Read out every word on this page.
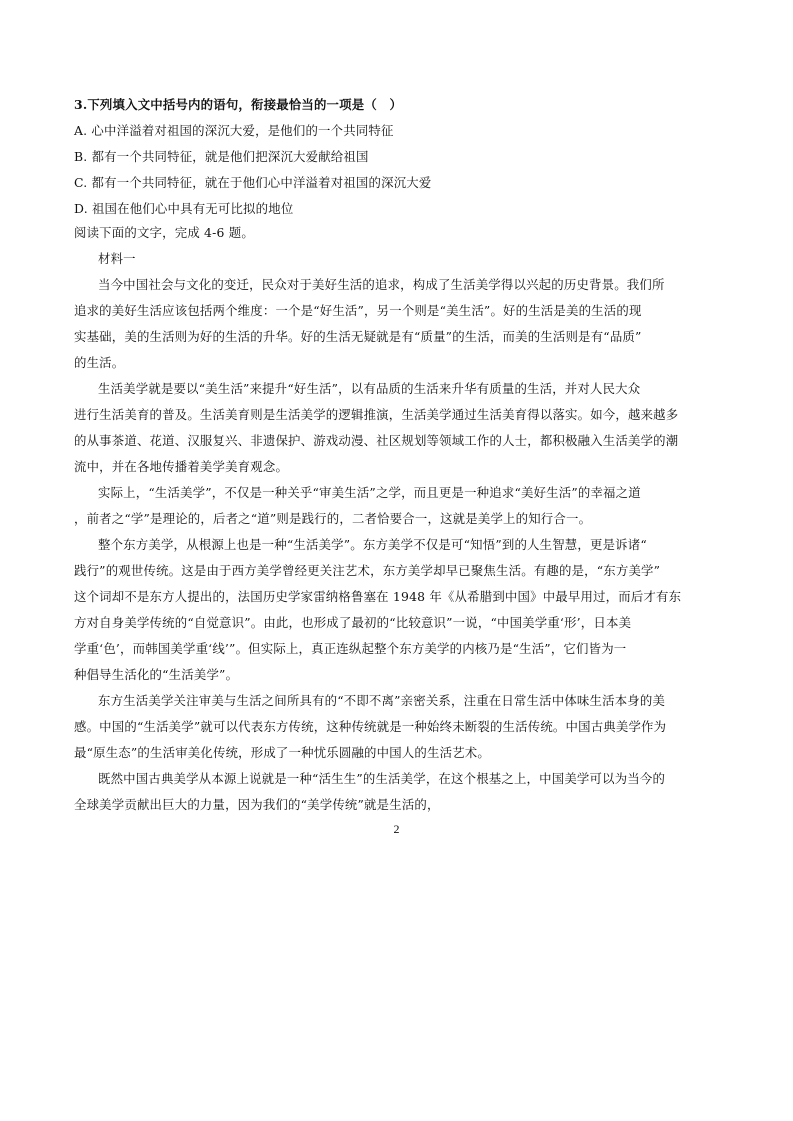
3.下列填入文中括号内的语句，衔接最恰当的一项是（　）
A. 心中洋溢着对祖国的深沉大爱，是他们的一个共同特征
B. 都有一个共同特征，就是他们把深沉大爱献给祖国
C. 都有一个共同特征，就在于他们心中洋溢着对祖国的深沉大爱
D. 祖国在他们心中具有无可比拟的地位
阅读下面的文字，完成 4-6 题。
材料一
当今中国社会与文化的变迁，民众对于美好生活的追求，构成了生活美学得以兴起的历史背景。我们所
追求的美好生活应该包括两个维度：一个是“好生活”，另一个则是“美生活”。好的生活是美的生活的现
实基础，美的生活则为好的生活的升华。好的生活无疑就是有“质量”的生活，而美的生活则是有“品质”
的生活。
生活美学就是要以“美生活”来提升“好生活”，以有品质的生活来升华有质量的生活，并对人民大众
进行生活美育的普及。生活美育则是生活美学的逻辑推演，生活美学通过生活美育得以落实。如今，越来越多
的从事茶道、花道、汉服复兴、非遗保护、游戏动漫、社区规划等领域工作的人士，都积极融入生活美学的潮
流中，并在各地传播着美学美育观念。
实际上，“生活美学”，不仅是一种关乎“审美生活”之学，而且更是一种追求“美好生活”的幸福之道
，前者之“学”是理论的，后者之“道”则是践行的，二者恰要合一，这就是美学上的知行合一。
整个东方美学，从根源上也是一种“生活美学”。东方美学不仅是可“知悟”到的人生智慧，更是诉诸“
践行”的观世传统。这是由于西方美学曾经更关注艺术，东方美学却早已聚焦生活。有趣的是，“东方美学”
这个词却不是东方人提出的，法国历史学家雷纳格鲁塞在 1948 年《从希腊到中国》中最早用过，而后才有东
方对自身美学传统的“自觉意识”。由此，也形成了最初的“比较意识”一说，“中国美学重‘形’，日本美
学重‘色’，而韩国美学重‘线’”。但实际上，真正连纵起整个东方美学的内核乃是“生活”，它们皆为一
种倡导生活化的“生活美学”。
东方生活美学关注审美与生活之间所具有的“不即不离”亲密关系，注重在日常生活中体味生活本身的美
感。中国的“生活美学”就可以代表东方传统，这种传统就是一种始终未断裂的生活传统。中国古典美学作为
最“原生态”的生活审美化传统，形成了一种忧乐圆融的中国人的生活艺术。
既然中国古典美学从本源上说就是一种“活生生”的生活美学，在这个根基之上，中国美学可以为当今的
全球美学贡献出巨大的力量，因为我们的“美学传统”就是生活的，
2
